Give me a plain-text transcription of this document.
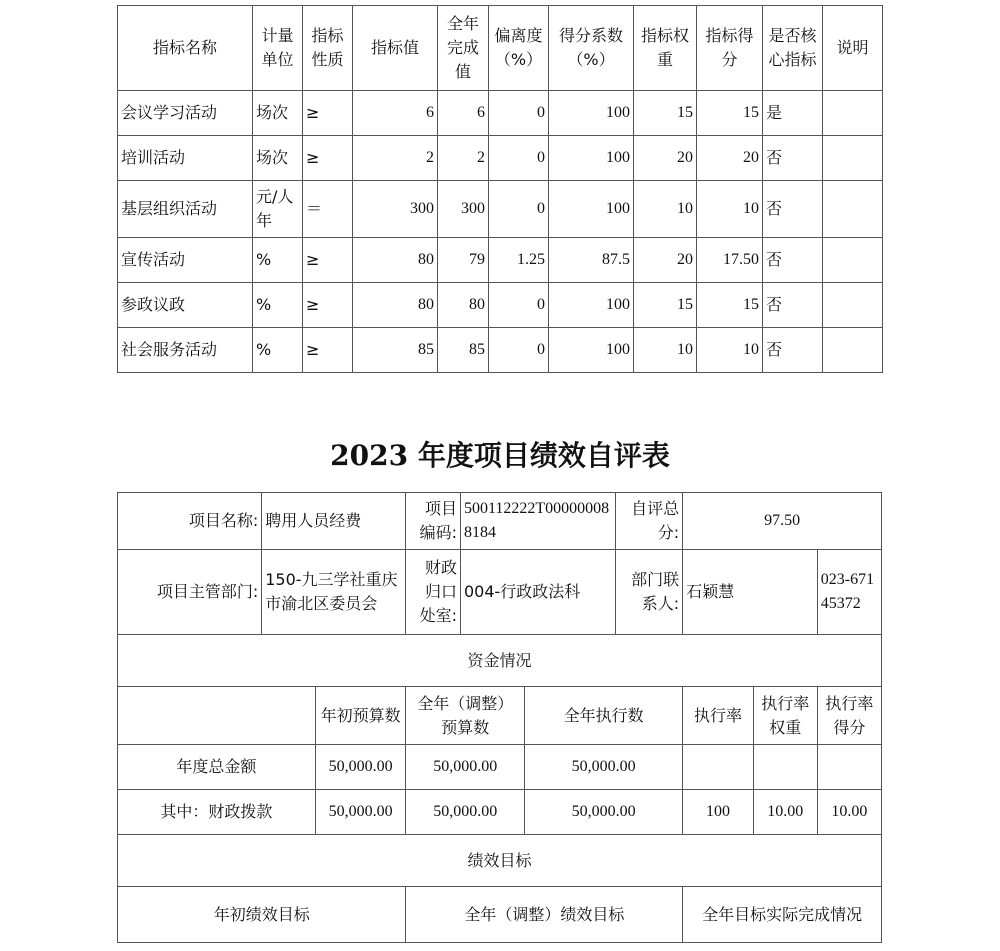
指标名称	计量单位	指标性质	指标值	全年完成值	偏离度（%）	得分系数（%）	指标权重	指标得分	是否核心指标	说明
会议学习活动	场次	≥	6	6	0	100	15	15	是	
培训活动	场次	≥	2	2	0	100	20	20	否	
基层组织活动	元/人年	＝	300	300	0	100	10	10	否	
宣传活动	%	≥	80	79	1.25	87.5	20	17.50	否	
参政议政	%	≥	80	80	0	100	15	15	否	
社会服务活动	%	≥	85	85	0	100	10	10	否	
2023 年度项目绩效自评表
项目名称:	聘用人员经费		项目编码:	500112222T000000088184		自评总分:	97.50		
项目主管部门:	150-九三学社重庆市渝北区委员会		财政归口处室:	004-行政政法科		部门联系人:	石颖慧		023-67145372
资金情况									
		年初预算数	全年（调整）预算数		全年执行数		执行率	执行率权重	执行率得分
年度总金额		50,000.00	50,000.00		50,000.00				
其中：财政拨款		50,000.00	50,000.00		50,000.00		100	10.00	10.00
绩效目标									
年初绩效目标			全年（调整）绩效目标				全年目标实际完成情况		
